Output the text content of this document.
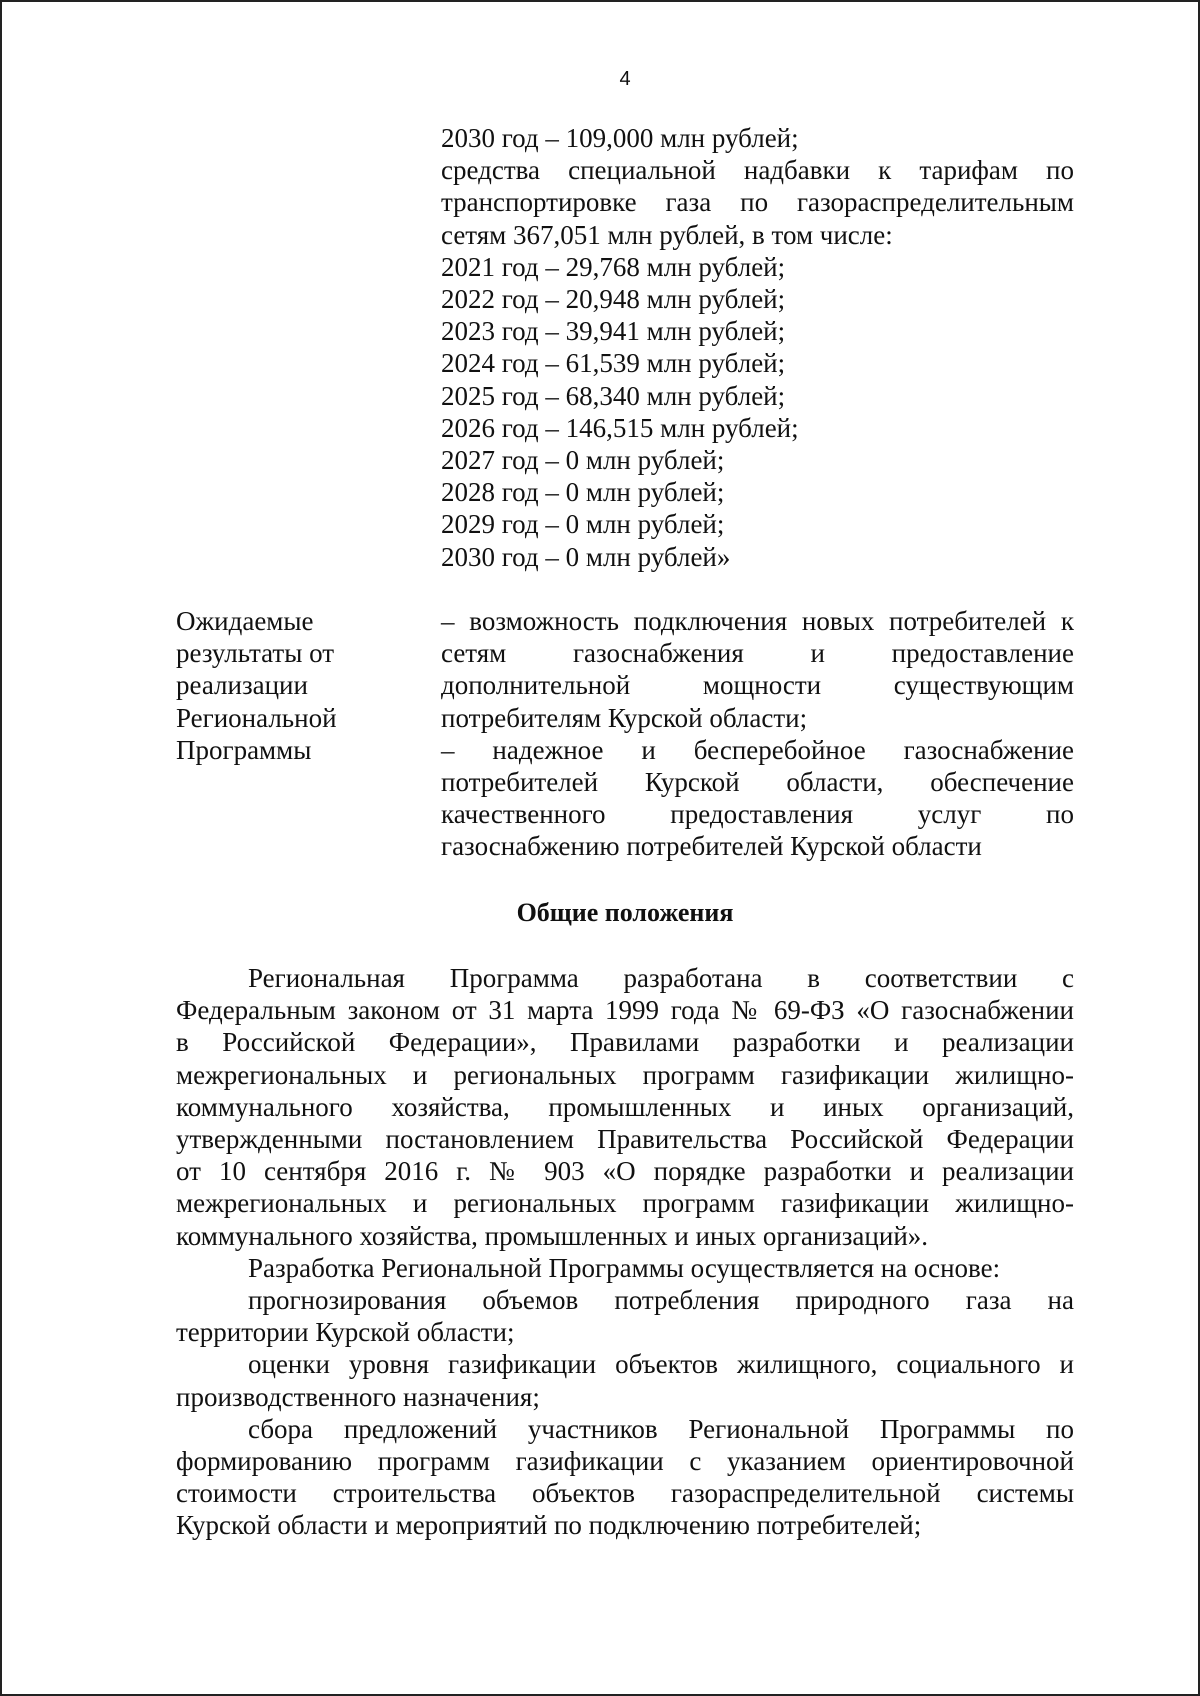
4
2030 год – 109,000 млн рублей;
средства специальной надбавки к тарифам по
транспортировке газа по газораспределительным
сетям 367,051 млн рублей, в том числе:
2021 год – 29,768 млн рублей;
2022 год – 20,948 млн рублей;
2023 год – 39,941 млн рублей;
2024 год – 61,539 млн рублей;
2025 год – 68,340 млн рублей;
2026 год – 146,515 млн рублей;
2027 год – 0 млн рублей;
2028 год – 0 млн рублей;
2029 год – 0 млн рублей;
2030 год – 0 млн рублей»
Ожидаемые
результаты от
реализации
Региональной
Программы
– возможность подключения новых потребителей к
сетям газоснабжения и предоставление
дополнительной мощности существующим
потребителям Курской области;
– надежное и бесперебойное газоснабжение
потребителей Курской области, обеспечение
качественного предоставления услуг по
газоснабжению потребителей Курской области
Общие положения
Региональная Программа разработана в соответствии с
Федеральным законом от 31 марта 1999 года № 69-ФЗ «О газоснабжении
в Российской Федерации», Правилами разработки и реализации
межрегиональных и региональных программ газификации жилищно-
коммунального хозяйства, промышленных и иных организаций,
утвержденными постановлением Правительства Российской Федерации
от 10 сентября 2016 г. № 903 «О порядке разработки и реализации
межрегиональных и региональных программ газификации жилищно-
коммунального хозяйства, промышленных и иных организаций».
Разработка Региональной Программы осуществляется на основе:
прогнозирования объемов потребления природного газа на
территории Курской области;
оценки уровня газификации объектов жилищного, социального и
производственного назначения;
сбора предложений участников Региональной Программы по
формированию программ газификации с указанием ориентировочной
стоимости строительства объектов газораспределительной системы
Курской области и мероприятий по подключению потребителей;
